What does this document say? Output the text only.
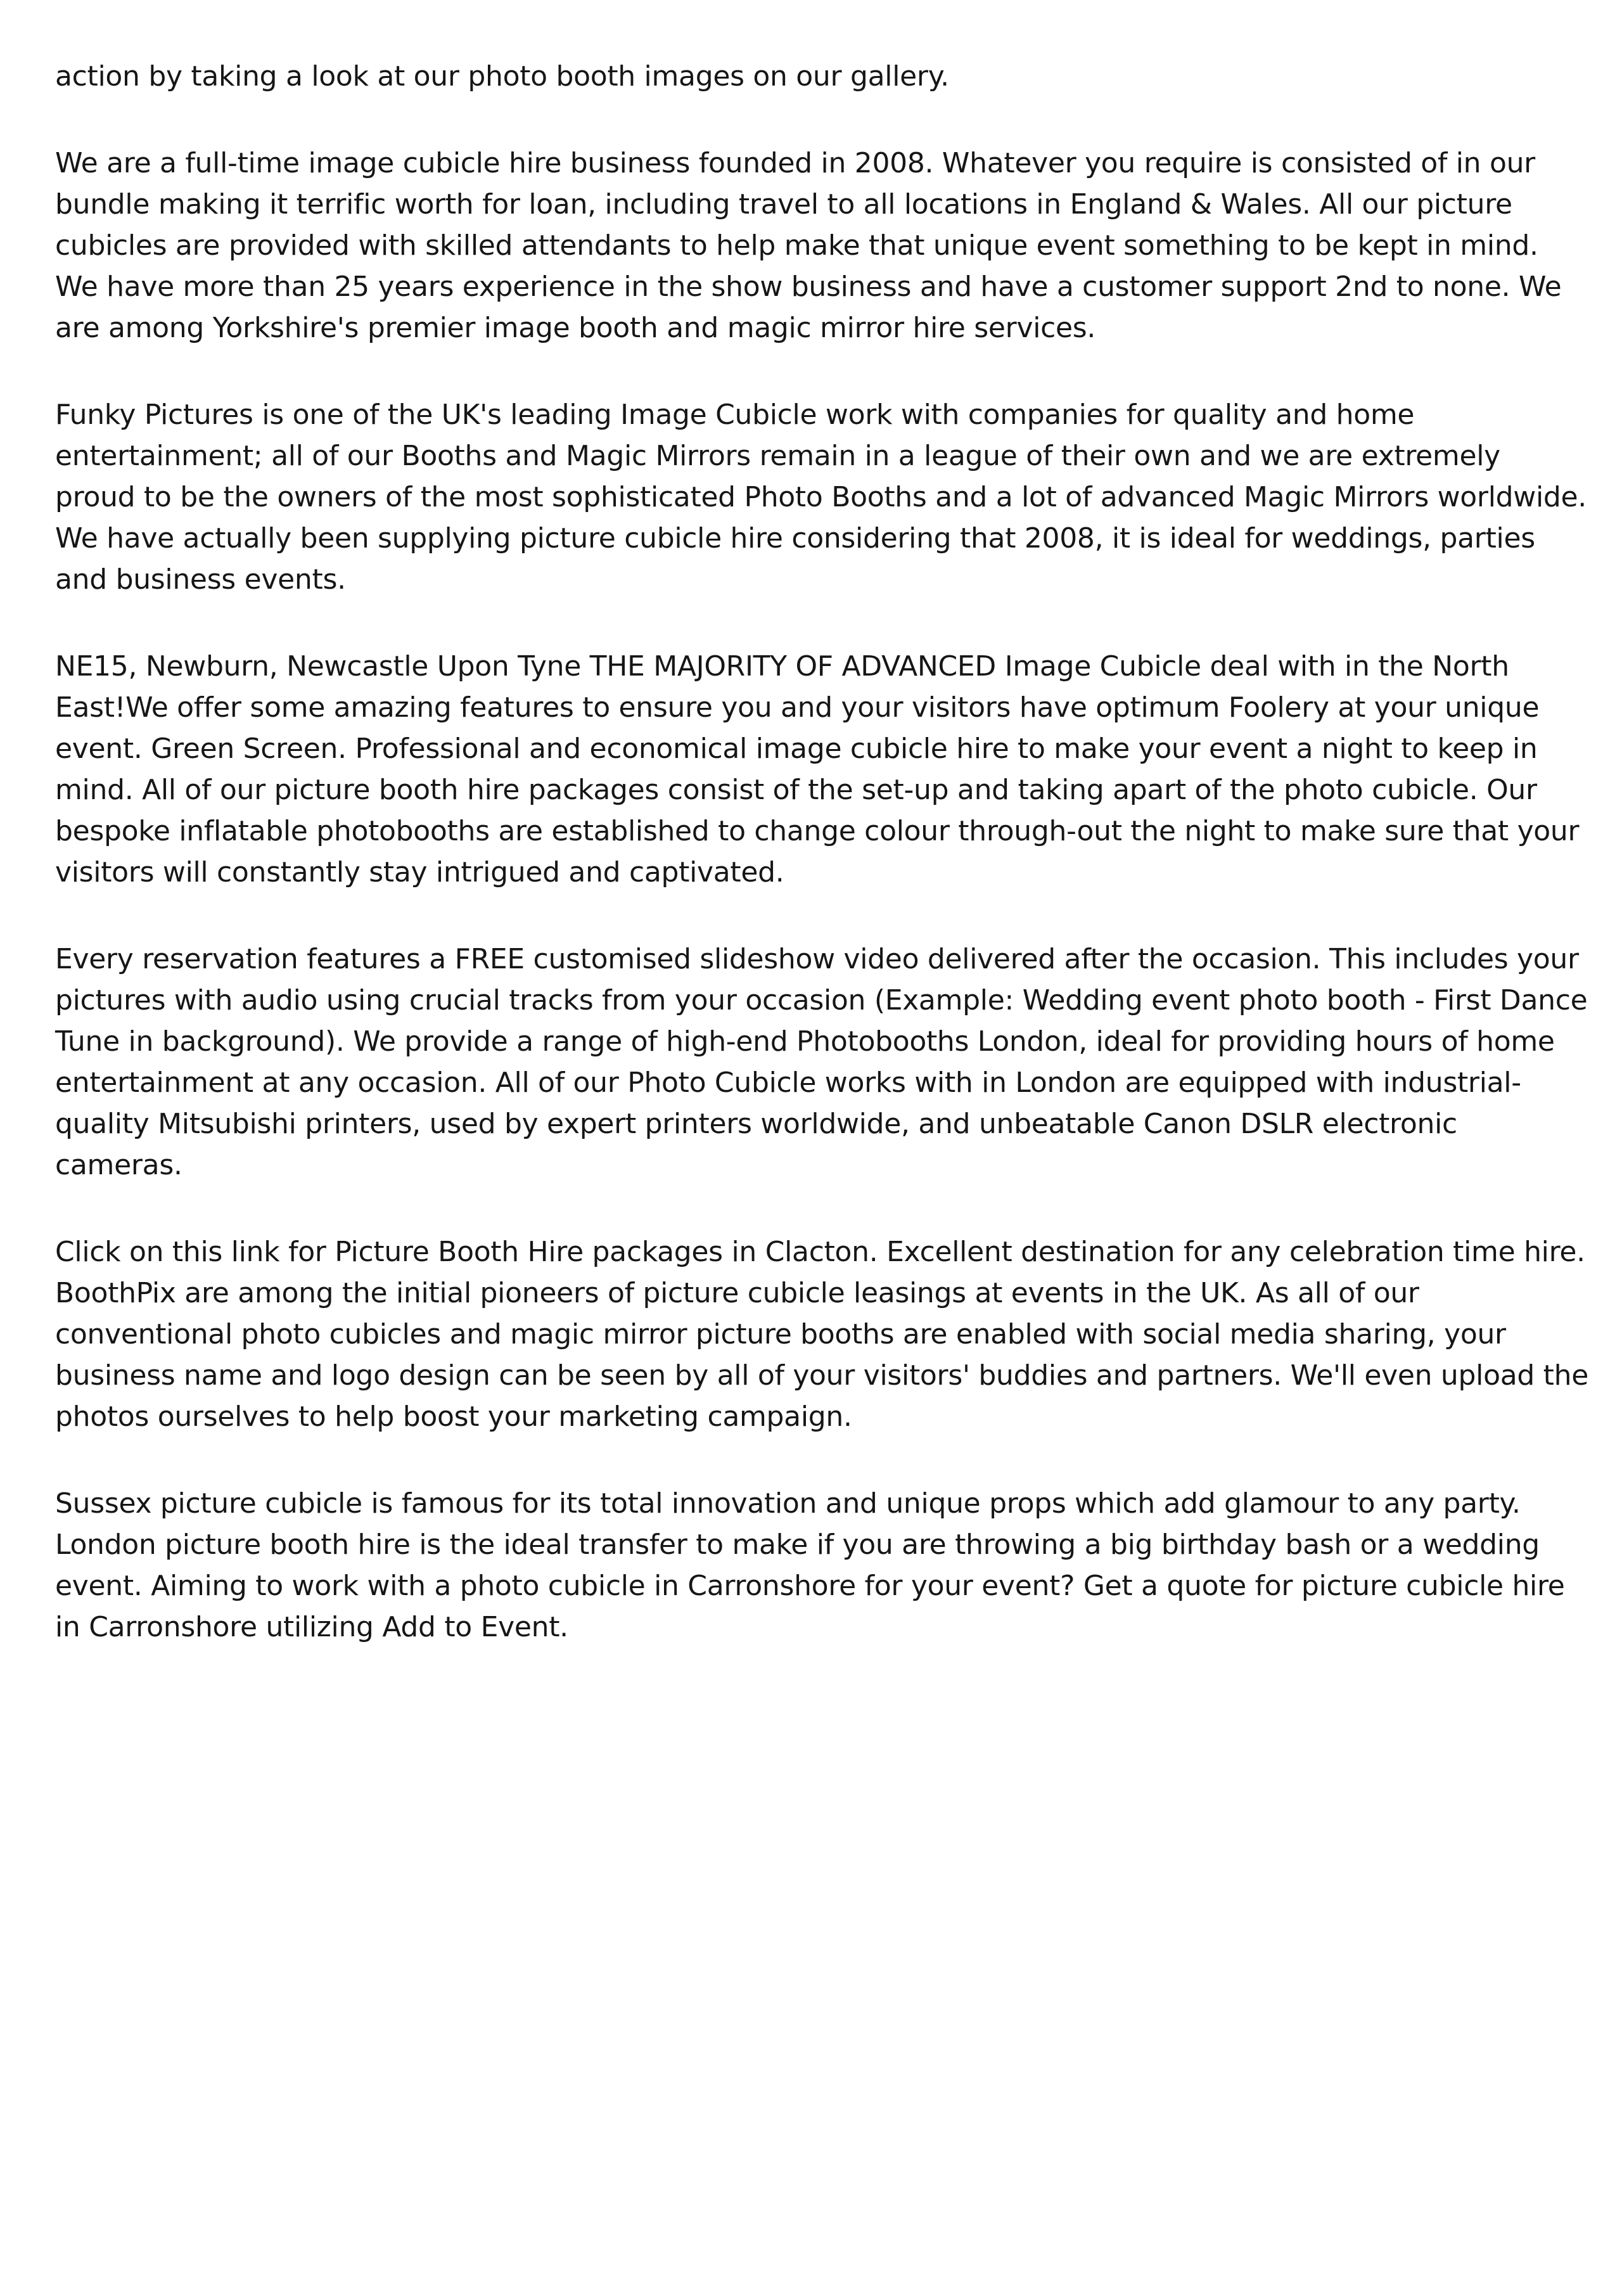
action by taking a look at our photo booth images on our gallery.

We are a full-time image cubicle hire business founded in 2008. Whatever you require is consisted of in our bundle making it terrific worth for loan, including travel to all locations in England & Wales. All our picture cubicles are provided with skilled attendants to help make that unique event something to be kept in mind. We have more than 25 years experience in the show business and have a customer support 2nd to none. We are among Yorkshire's premier image booth and magic mirror hire services.

Funky Pictures is one of the UK's leading Image Cubicle work with companies for quality and home entertainment; all of our Booths and Magic Mirrors remain in a league of their own and we are extremely proud to be the owners of the most sophisticated Photo Booths and a lot of advanced Magic Mirrors worldwide. We have actually been supplying picture cubicle hire considering that 2008, it is ideal for weddings, parties and business events.

NE15, Newburn, Newcastle Upon Tyne THE MAJORITY OF ADVANCED Image Cubicle deal with in the North East!We offer some amazing features to ensure you and your visitors have optimum Foolery at your unique event. Green Screen. Professional and economical image cubicle hire to make your event a night to keep in mind. All of our picture booth hire packages consist of the set-up and taking apart of the photo cubicle. Our bespoke inflatable photobooths are established to change colour through-out the night to make sure that your visitors will constantly stay intrigued and captivated.

Every reservation features a FREE customised slideshow video delivered after the occasion. This includes your pictures with audio using crucial tracks from your occasion (Example: Wedding event photo booth - First Dance Tune in background). We provide a range of high-end Photobooths London, ideal for providing hours of home entertainment at any occasion. All of our Photo Cubicle works with in London are equipped with industrial-quality Mitsubishi printers, used by expert printers worldwide, and unbeatable Canon DSLR electronic cameras.

Click on this link for Picture Booth Hire packages in Clacton. Excellent destination for any celebration time hire. BoothPix are among the initial pioneers of picture cubicle leasings at events in the UK. As all of our conventional photo cubicles and magic mirror picture booths are enabled with social media sharing, your business name and logo design can be seen by all of your visitors' buddies and partners. We'll even upload the photos ourselves to help boost your marketing campaign.

Sussex picture cubicle is famous for its total innovation and unique props which add glamour to any party. London picture booth hire is the ideal transfer to make if you are throwing a big birthday bash or a wedding event. Aiming to work with a photo cubicle in Carronshore for your event? Get a quote for picture cubicle hire in Carronshore utilizing Add to Event.
